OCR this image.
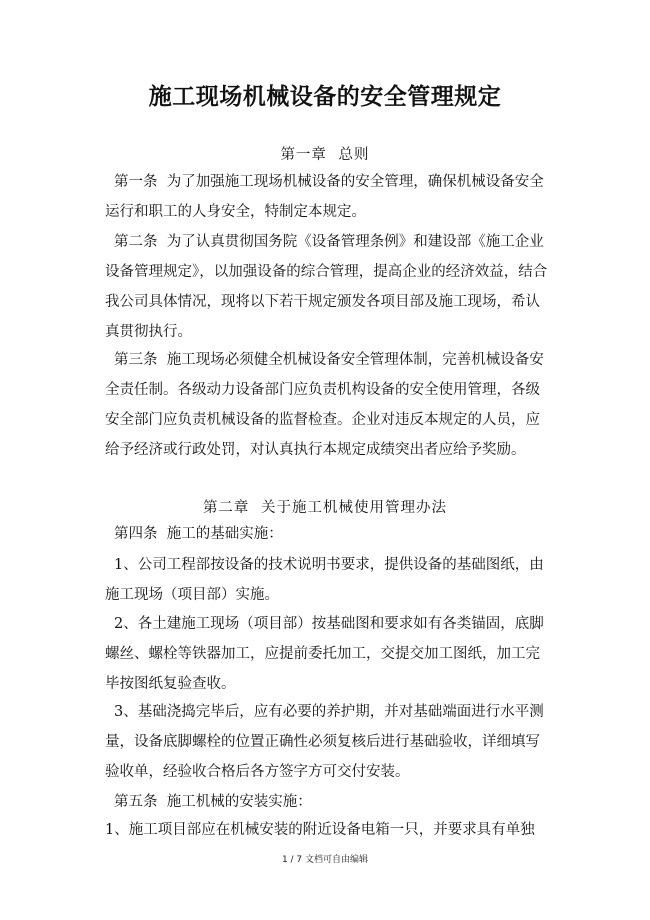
施工现场机械设备的安全管理规定
第一章 总则
第一条  为了加强施工现场机械设备的安全管理，确保机械设备安全
运行和职工的人身安全，特制定本规定。
第二条  为了认真贯彻国务院《设备管理条例》和建设部《施工企业
设备管理规定》，以加强设备的综合管理，提高企业的经济效益，结合
我公司具体情况，现将以下若干规定颁发各项目部及施工现场，希认
真贯彻执行。
第三条  施工现场必须健全机械设备安全管理体制，完善机械设备安
全责任制。各级动力设备部门应负责机构设备的安全使用管理，各级
安全部门应负责机械设备的监督检查。企业对违反本规定的人员，应
给予经济或行政处罚，对认真执行本规定成绩突出者应给予奖励。
第二章 关于施工机械使用管理办法
第四条  施工的基础实施：
1、公司工程部按设备的技术说明书要求，提供设备的基础图纸，由
施工现场（项目部）实施。
2、各土建施工现场（项目部）按基础图和要求如有各类锚固，底脚
螺丝、螺栓等铁器加工，应提前委托加工，交提交加工图纸，加工完
毕按图纸复验查收。
3、基础浇捣完毕后，应有必要的养护期，并对基础端面进行水平测
量，设备底脚螺栓的位置正确性必须复核后进行基础验收，详细填写
验收单，经验收合格后各方签字方可交付安装。
第五条  施工机械的安装实施：
1、施工项目部应在机械安装的附近设备电箱一只，并要求具有单独
1 / 7 文档可自由编辑
